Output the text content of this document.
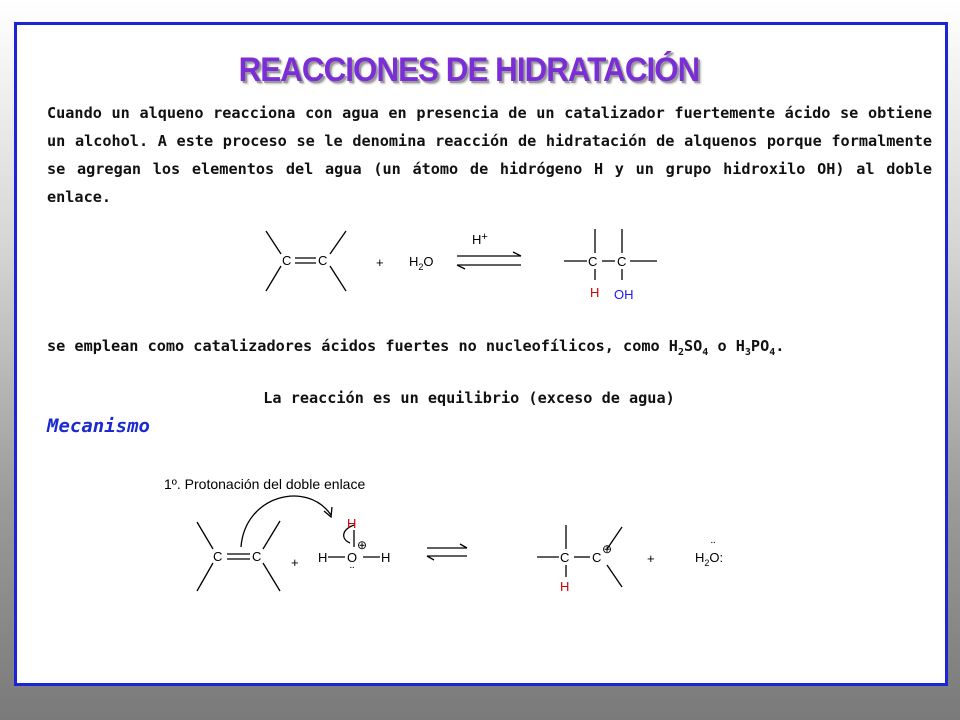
REACCIONES DE HIDRATACIÓN

Cuando un alqueno reacciona con agua en presencia de un catalizador fuertemente ácido se obtiene un alcohol. A este proceso se le denomina reacción de hidratación de alquenos porque formalmente se agregan los elementos del agua (un átomo de hidrógeno H y un grupo hidroxilo OH) al doble enlace.

C C	+ $H_2O$
H+
C C
H OH
1º. Protonación del doble enlace
C C +
H
H O H
⊕
¨
C C
⊕
H
+	$H_2O$:
¨
se emplean como catalizadores ácidos fuertes no nucleofílicos, como $H_2SO_4$ o $H_3PO_4$.
La reacción es un equilibrio (exceso de agua)
Mecanismo
